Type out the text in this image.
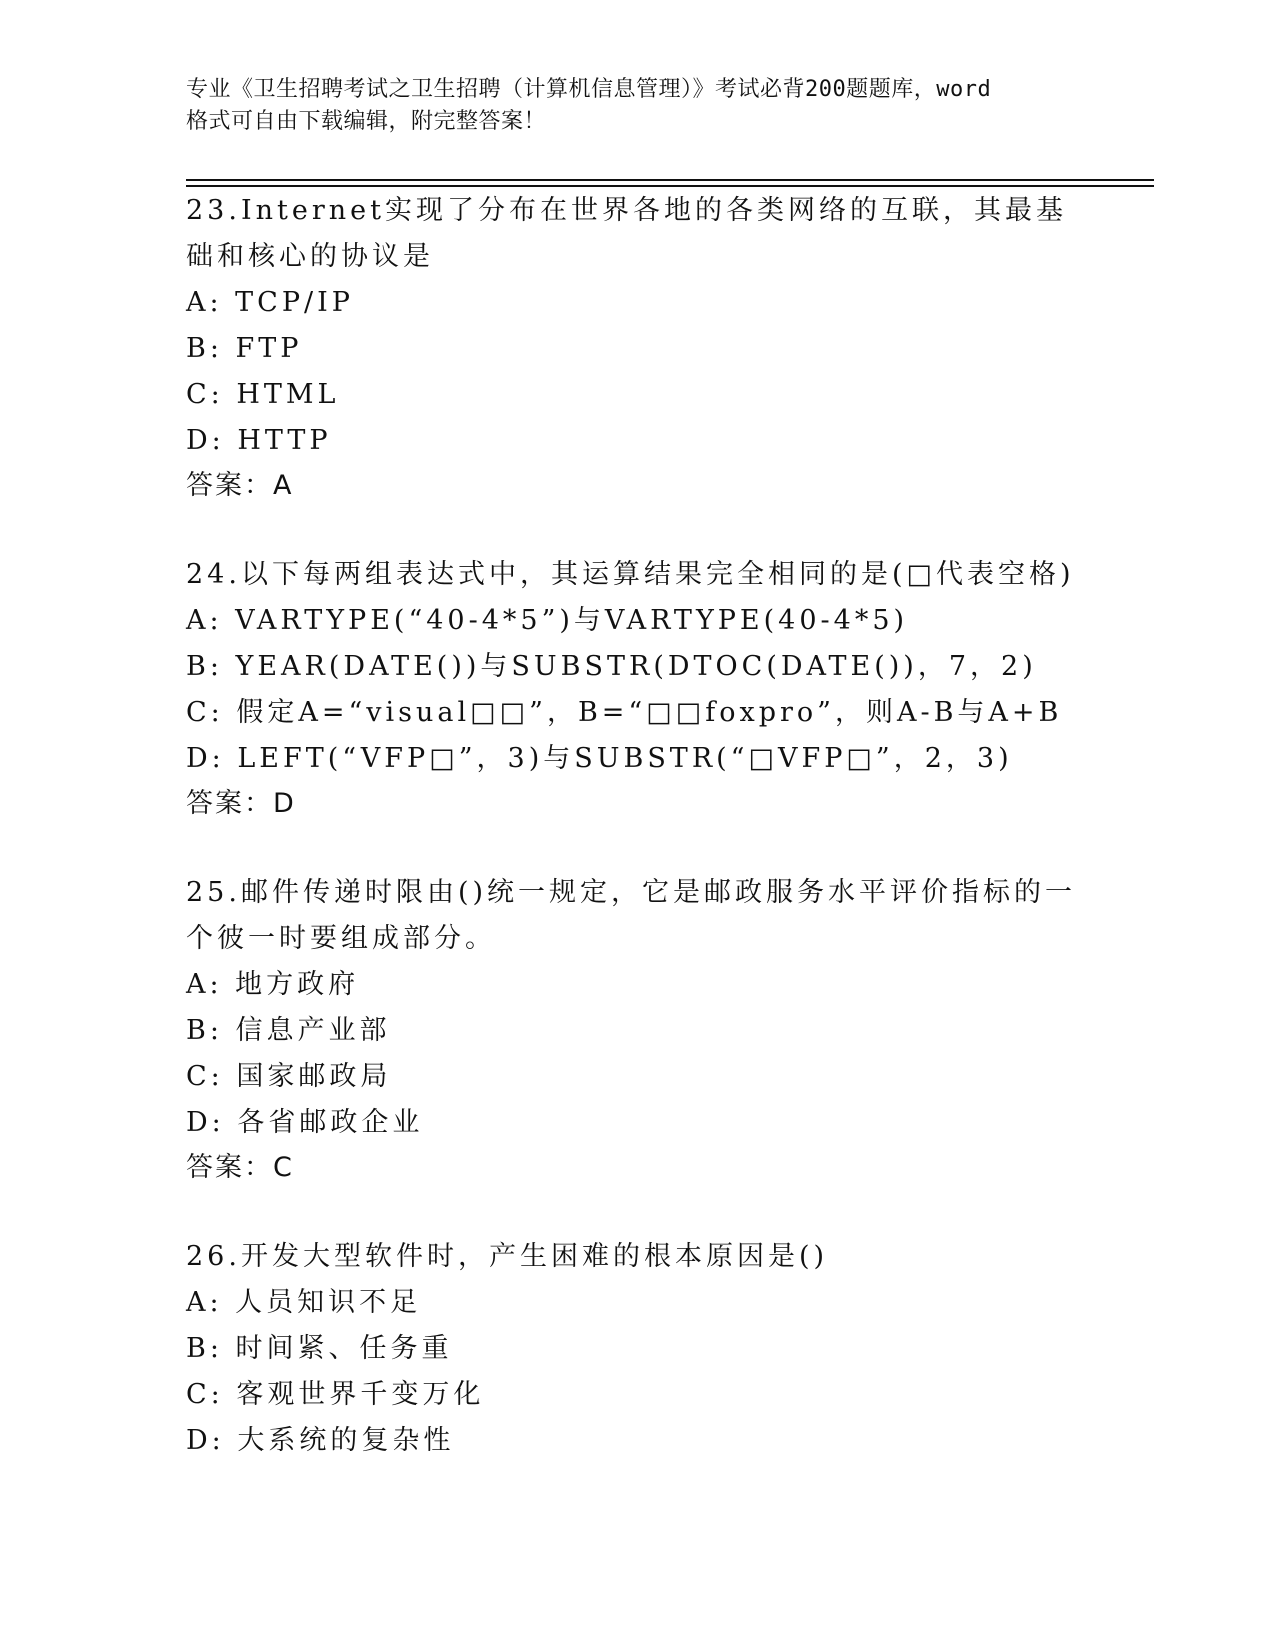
专业《卫生招聘考试之卫生招聘（计算机信息管理）》考试必背200题题库，word
格式可自由下载编辑，附完整答案！
23.Internet实现了分布在世界各地的各类网络的互联，其最基础和核心的协议是
A: TCP/IP
B: FTP
C: HTML
D: HTTP
答案：A
24.以下每两组表达式中，其运算结果完全相同的是(□代表空格)
A: VARTYPE(“40-4*5”)与VARTYPE(40-4*5)
B: YEAR(DATE())与SUBSTR(DTOC(DATE())，7，2)
C: 假定A=“visual□□”，B=“□□foxpro”，则A-B与A+B
D: LEFT(“VFP□”，3)与SUBSTR(“□VFP□”，2，3)
答案：D
25.邮件传递时限由()统一规定，它是邮政服务水平评价指标的一个彼一时要组成部分。
A: 地方政府
B: 信息产业部
C: 国家邮政局
D: 各省邮政企业
答案：C
26.开发大型软件时，产生困难的根本原因是()
A: 人员知识不足
B: 时间紧、任务重
C: 客观世界千变万化
D: 大系统的复杂性
